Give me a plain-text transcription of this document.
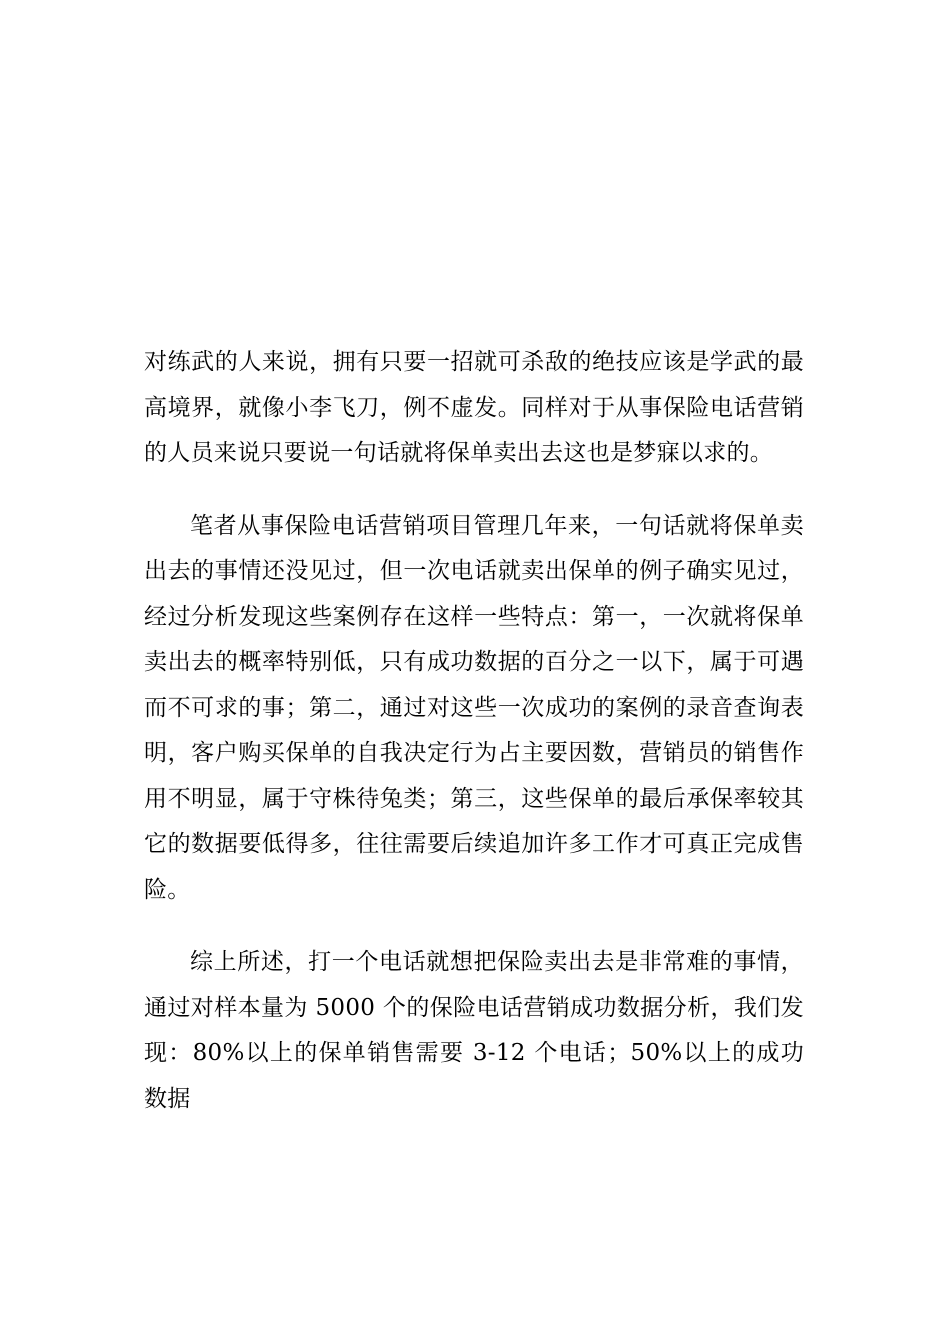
对练武的人来说，拥有只要一招就可杀敌的绝技应该是学武的最高境界，就像小李飞刀，例不虚发。同样对于从事保险电话营销的人员来说只要说一句话就将保单卖出去这也是梦寐以求的。

笔者从事保险电话营销项目管理几年来，一句话就将保单卖出去的事情还没见过，但一次电话就卖出保单的例子确实见过，经过分析发现这些案例存在这样一些特点：第一，一次就将保单卖出去的概率特别低，只有成功数据的百分之一以下，属于可遇而不可求的事；第二，通过对这些一次成功的案例的录音查询表明，客户购买保单的自我决定行为占主要因数，营销员的销售作用不明显，属于守株待兔类；第三，这些保单的最后承保率较其它的数据要低得多，往往需要后续追加许多工作才可真正完成售险。

综上所述，打一个电话就想把保险卖出去是非常难的事情，通过对样本量为 5000 个的保险电话营销成功数据分析，我们发现：80%以上的保单销售需要 3-12 个电话；50%以上的成功数据
